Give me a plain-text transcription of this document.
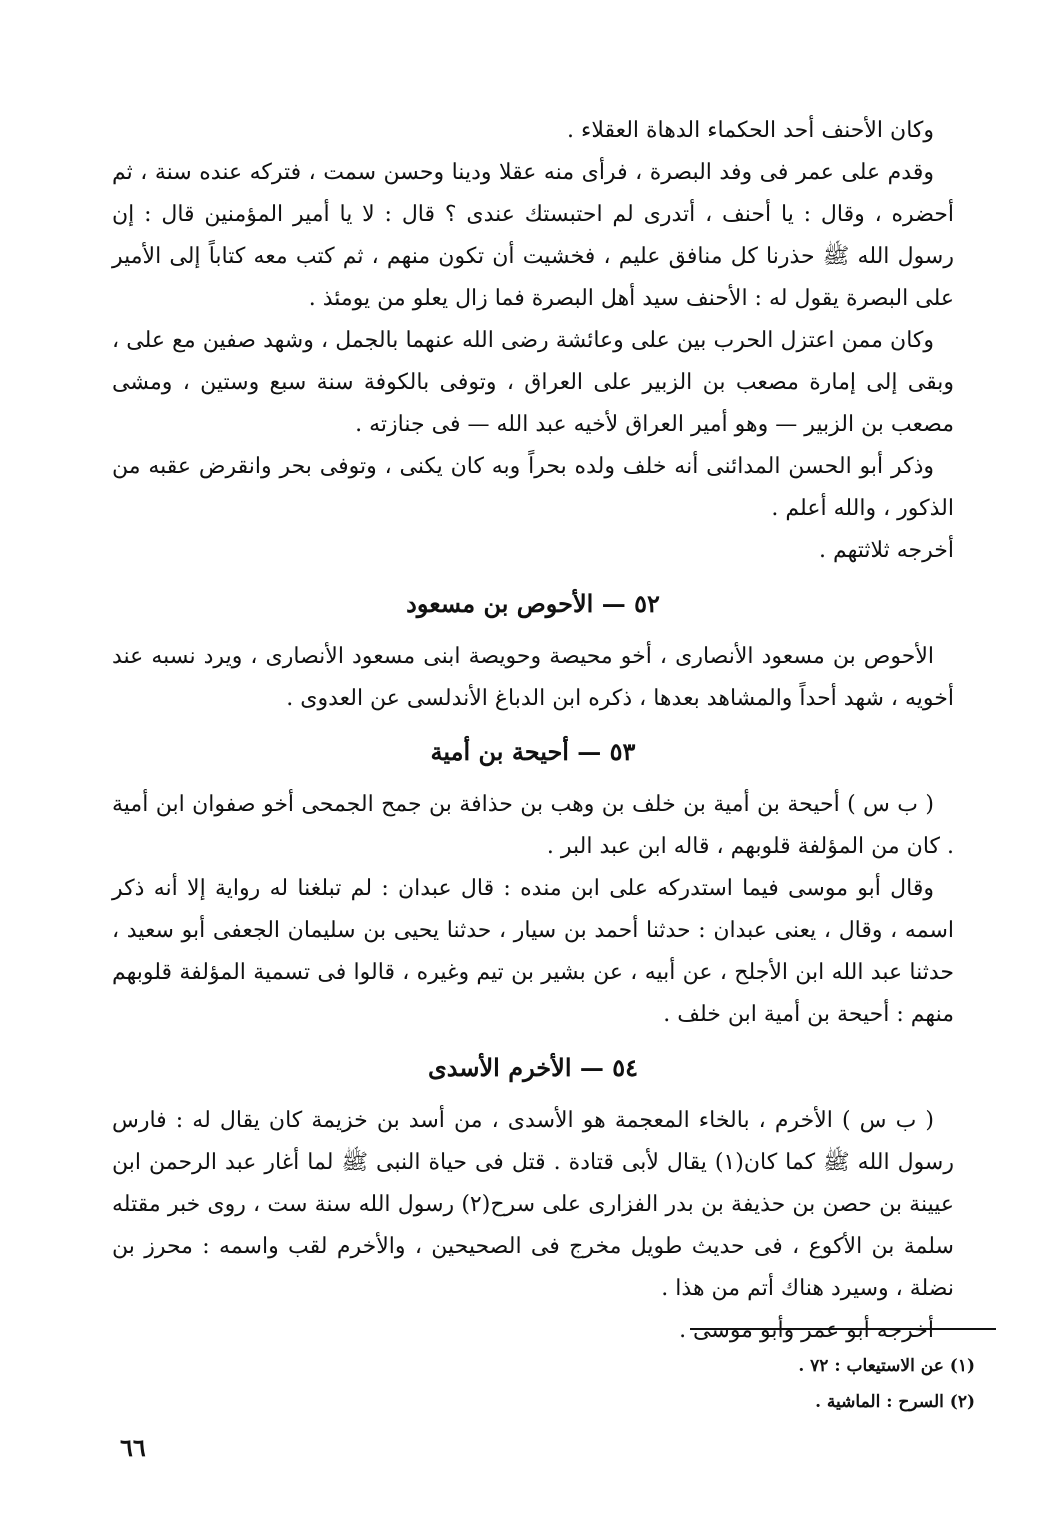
وكان الأحنف أحد الحكماء الدهاة العقلاء .

وقدم على عمر فى وفد البصرة ، فرأى منه عقلا ودينا وحسن سمت ، فتركه عنده سنة ، ثم أحضره ، وقال : يا أحنف ، أتدرى لم احتبستك عندى ؟ قال : لا يا أمير المؤمنين قال : إن رسول الله ﷺ حذرنا كل منافق عليم ، فخشيت أن تكون منهم ، ثم كتب معه كتاباً إلى الأمير على البصرة يقول له : الأحنف سيد أهل البصرة فما زال يعلو من يومئذ .

وكان ممن اعتزل الحرب بين على وعائشة رضى الله عنهما بالجمل ، وشهد صفين مع على ، وبقى إلى إمارة مصعب بن الزبير على العراق ، وتوفى بالكوفة سنة سبع وستين ، ومشى مصعب بن الزبير — وهو أمير العراق لأخيه عبد الله — فى جنازته .

وذكر أبو الحسن المدائنى أنه خلف ولده بحراً وبه كان يكنى ، وتوفى بحر وانقرض عقبه من الذكور ، والله أعلم .

أخرجه ثلاثتهم .

٥٢ — الأحوص بن مسعود

الأحوص بن مسعود الأنصارى ، أخو محيصة وحويصة ابنى مسعود الأنصارى ، ويرد نسبه عند أخويه ، شهد أحداً والمشاهد بعدها ، ذكره ابن الدباغ الأندلسى عن العدوى .

٥٣ — أحيحة بن أمية

( ب س ) أحيحة بن أمية بن خلف بن وهب بن حذافة بن جمح الجمحى أخو صفوان ابن أمية . كان من المؤلفة قلوبهم ، قاله ابن عبد البر .

وقال أبو موسى فيما استدركه على ابن منده : قال عبدان : لم تبلغنا له رواية إلا أنه ذكر اسمه ، وقال ، يعنى عبدان : حدثنا أحمد بن سيار ، حدثنا يحيى بن سليمان الجعفى أبو سعيد ، حدثنا عبد الله ابن الأجلح ، عن أبيه ، عن بشير بن تيم وغيره ، قالوا فى تسمية المؤلفة قلوبهم منهم : أحيحة بن أمية ابن خلف .

٥٤ — الأخرم الأسدى

( ب س ) الأخرم ، بالخاء المعجمة هو الأسدى ، من أسد بن خزيمة كان يقال له : فارس رسول الله ﷺ كما كان(١) يقال لأبى قتادة . قتل فى حياة النبى ﷺ لما أغار عبد الرحمن ابن عيينة بن حصن بن حذيفة بن بدر الفزارى على سرح(٢) رسول الله سنة ست ، روى خبر مقتله سلمة بن الأكوع ، فى حديث طويل مخرج فى الصحيحين ، والأخرم لقب واسمه : محرز بن نضلة ، وسيرد هناك أتم من هذا .

أخرجه أبو عمر وأبو موسى .

(١) عن الاستيعاب : ٧٢ .

(٢) السرح : الماشية .

٦٦
